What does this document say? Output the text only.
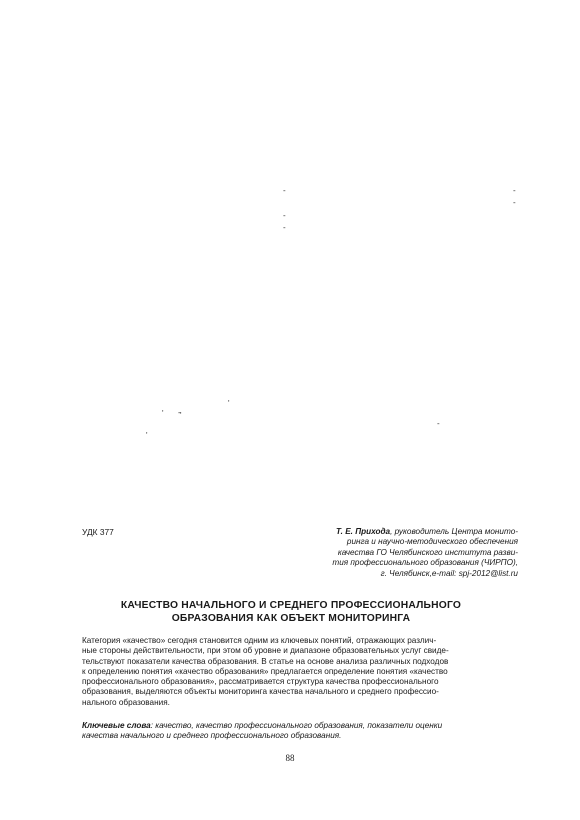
-	-
-
-
-
-
-
'
'
'
'
УДК 377	Т. Е. Прихода, руководитель Центра монито-
ринга и научно-методического обеспечения
качества ГО Челябинского института разви-
тия профессионального образования (ЧИРПО),
г. Челябинск,e-mail: spj-2012@list.ru
КАЧЕСТВО НАЧАЛЬНОГО И СРЕДНЕГО ПРОФЕССИОНАЛЬНОГО
ОБРАЗОВАНИЯ КАК ОБЪЕКТ МОНИТОРИНГА

Категория «качество» сегодня становится одним из ключевых понятий, отражающих различ-

ные стороны действительности, при этом об уровне и диапазоне образовательных услуг свиде-

тельствуют показатели качества образования. В статье на основе анализа различных подходов

к определению понятия «качество образования» предлагается определение понятия «качество

профессионального образования», рассматривается структура качества профессионального

образования, выделяются объекты мониторинга качества начального и среднего профессио-

нального образования.

Ключевые слова: качество, качество профессионального образования, показатели оценки
качества начального и среднего профессионального образования.
88
